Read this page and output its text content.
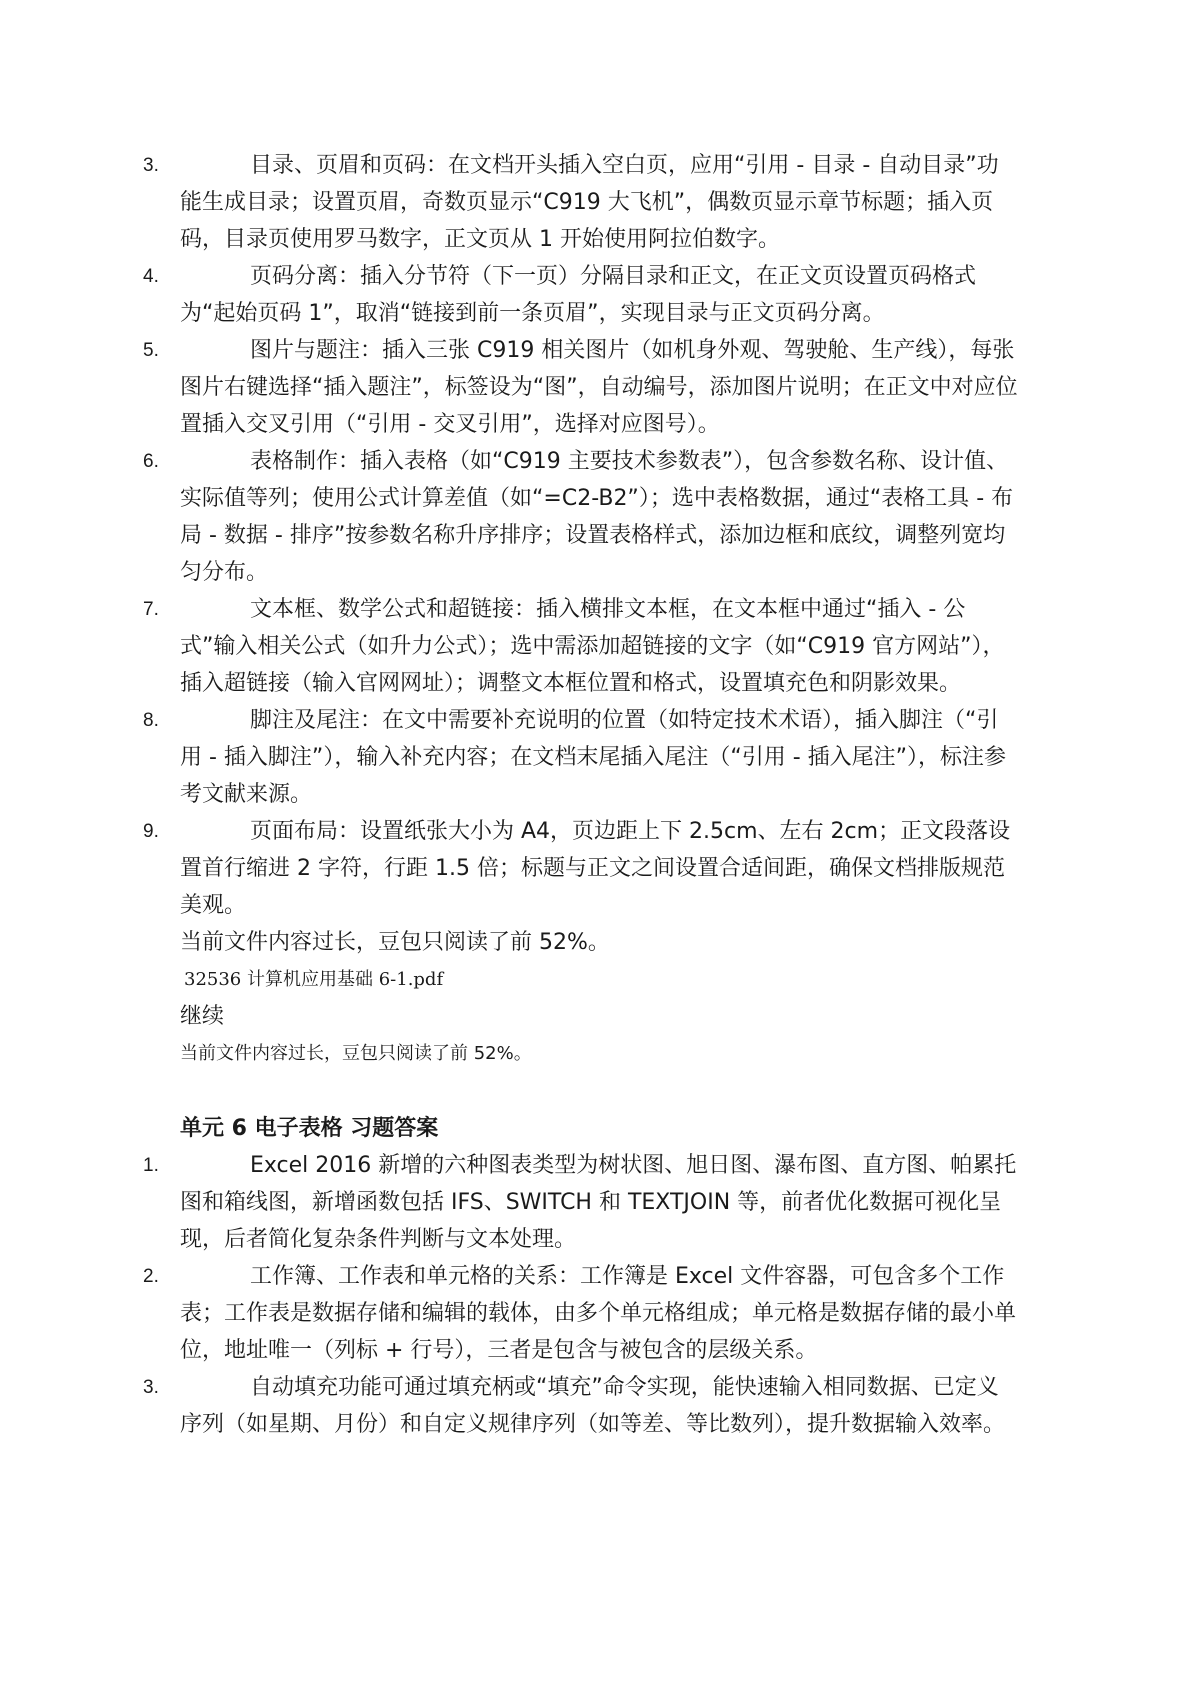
3.	目录、页眉和页码：在文档开头插入空白页，应用“引用 - 目录 - 自动目录”功能生成目录；设置页眉，奇数页显示“C919 大飞机”，偶数页显示章节标题；插入页码，目录页使用罗马数字，正文页从 1 开始使用阿拉伯数字。
4.	页码分离：插入分节符（下一页）分隔目录和正文，在正文页设置页码格式为“起始页码 1”，取消“链接到前一条页眉”，实现目录与正文页码分离。
5.	图片与题注：插入三张 C919 相关图片（如机身外观、驾驶舱、生产线），每张图片右键选择“插入题注”，标签设为“图”，自动编号，添加图片说明；在正文中对应位置插入交叉引用（“引用 - 交叉引用”，选择对应图号）。
6.	表格制作：插入表格（如“C919 主要技术参数表”），包含参数名称、设计值、实际值等列；使用公式计算差值（如“=C2-B2”）；选中表格数据，通过“表格工具 - 布局 - 数据 - 排序”按参数名称升序排序；设置表格样式，添加边框和底纹，调整列宽均匀分布。
7.	文本框、数学公式和超链接：插入横排文本框，在文本框中通过“插入 - 公式”输入相关公式（如升力公式）；选中需添加超链接的文字（如“C919 官方网站”），插入超链接（输入官网网址）；调整文本框位置和格式，设置填充色和阴影效果。
8.	脚注及尾注：在文中需要补充说明的位置（如特定技术术语），插入脚注（“引用 - 插入脚注”），输入补充内容；在文档末尾插入尾注（“引用 - 插入尾注”），标注参考文献来源。
9.	页面布局：设置纸张大小为 A4，页边距上下 2.5cm、左右 2cm；正文段落设置首行缩进 2 字符，行距 1.5 倍；标题与正文之间设置合适间距，确保文档排版规范美观。
当前文件内容过长，豆包只阅读了前 52%。
32536 计算机应用基础 6-1.pdf
继续
当前文件内容过长，豆包只阅读了前 52%。
单元 6 电子表格 习题答案
1.	Excel 2016 新增的六种图表类型为树状图、旭日图、瀑布图、直方图、帕累托图和箱线图，新增函数包括 IFS、SWITCH 和 TEXTJOIN 等，前者优化数据可视化呈现，后者简化复杂条件判断与文本处理。
2.	工作簿、工作表和单元格的关系：工作簿是 Excel 文件容器，可包含多个工作表；工作表是数据存储和编辑的载体，由多个单元格组成；单元格是数据存储的最小单位，地址唯一（列标 + 行号），三者是包含与被包含的层级关系。
3.	自动填充功能可通过填充柄或“填充”命令实现，能快速输入相同数据、已定义序列（如星期、月份）和自定义规律序列（如等差、等比数列），提升数据输入效率。
